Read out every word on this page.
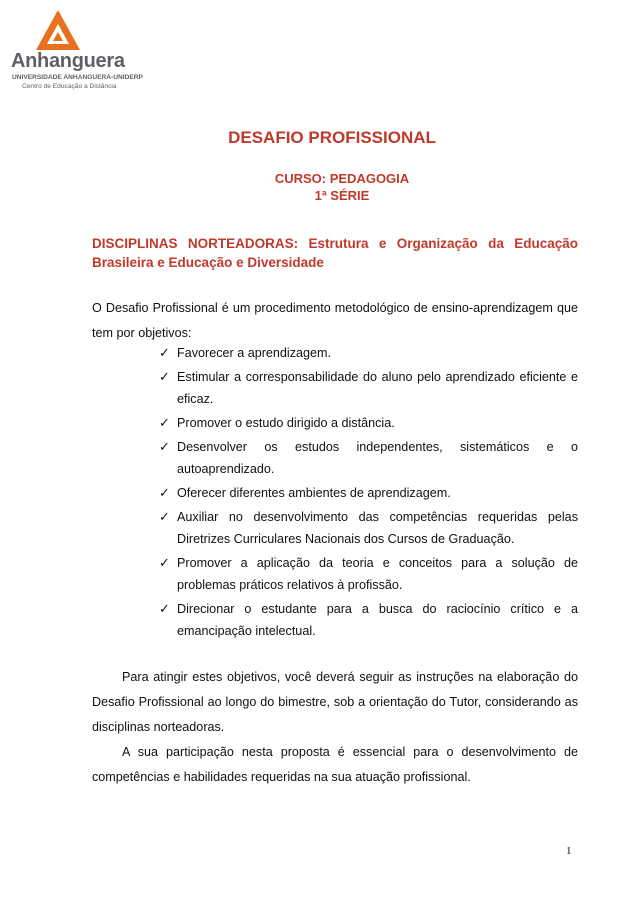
Anhanguera
UNIVERSIDADE ANHANGUERA-UNIDERP
Centro de Educação a Distância
DESAFIO PROFISSIONAL
CURSO: PEDAGOGIA
1ª SÉRIE
DISCIPLINAS NORTEADORAS: Estrutura e Organização da Educação Brasileira e Educação e Diversidade
O Desafio Profissional é um procedimento metodológico de ensino-aprendizagem que tem por objetivos:
✓ Favorecer a aprendizagem.
✓ Estimular a corresponsabilidade do aluno pelo aprendizado eficiente e eficaz.
✓ Promover o estudo dirigido a distância.
✓ Desenvolver os estudos independentes, sistemáticos e o autoaprendizado.
✓ Oferecer diferentes ambientes de aprendizagem.
✓ Auxiliar no desenvolvimento das competências requeridas pelas Diretrizes Curriculares Nacionais dos Cursos de Graduação.
✓ Promover a aplicação da teoria e conceitos para a solução de problemas práticos relativos à profissão.
✓ Direcionar o estudante para a busca do raciocínio crítico e a emancipação intelectual.

Para atingir estes objetivos, você deverá seguir as instruções na elaboração do Desafio Profissional ao longo do bimestre, sob a orientação do Tutor, considerando as disciplinas norteadoras.

A sua participação nesta proposta é essencial para o desenvolvimento de competências e habilidades requeridas na sua atuação profissional.

1
